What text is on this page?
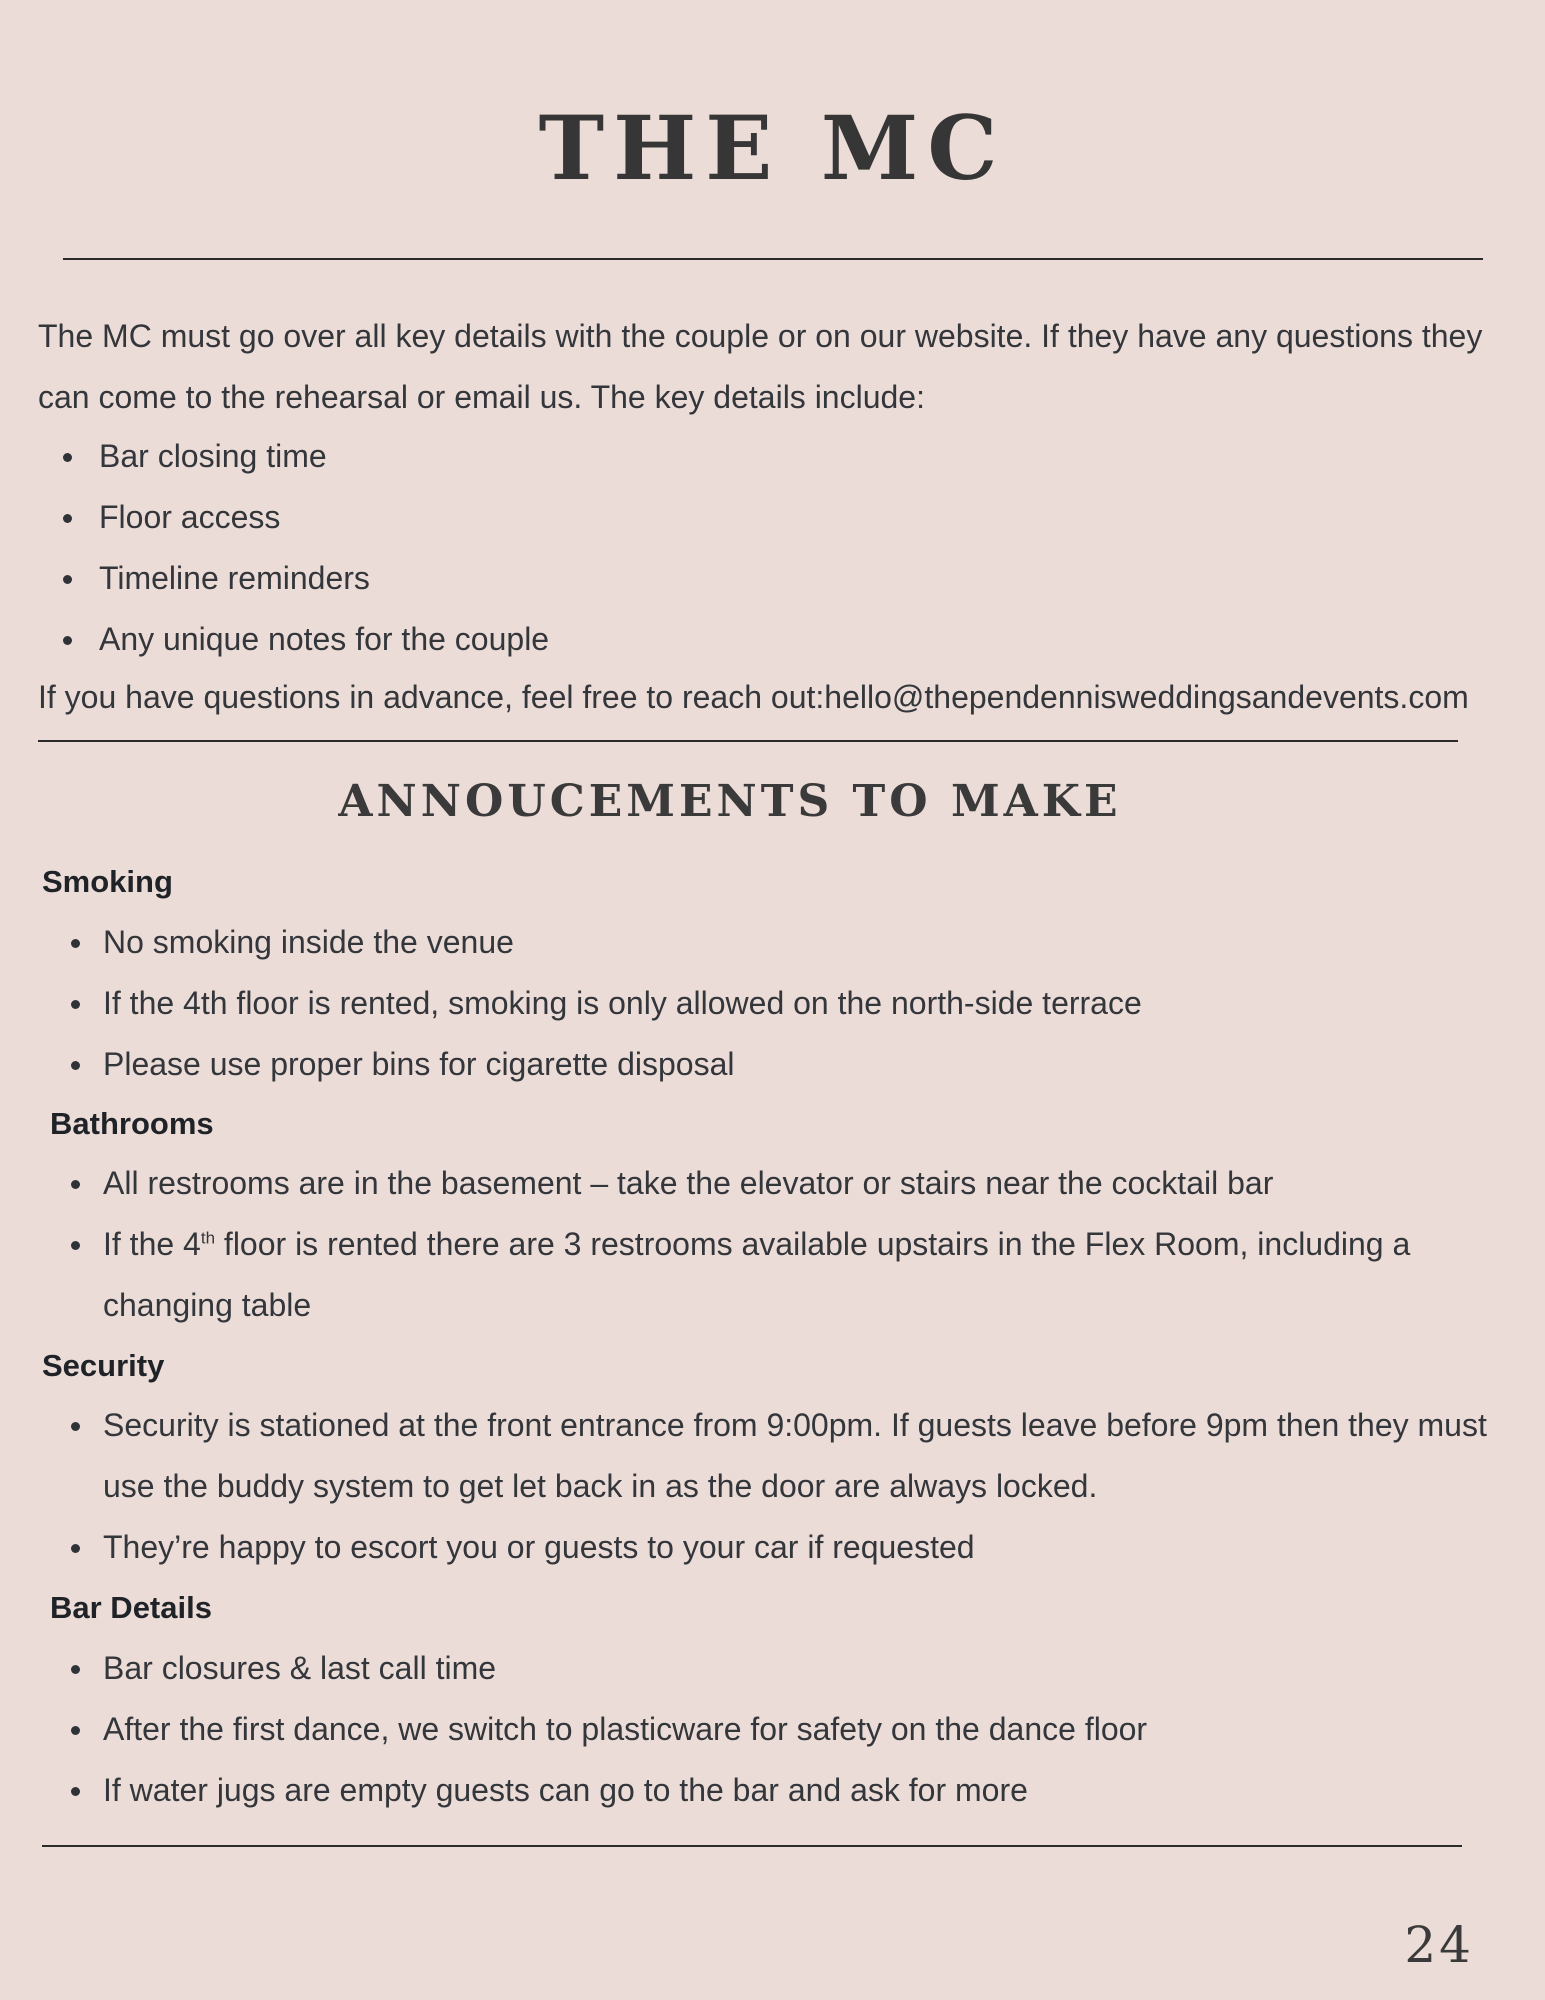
THE MC

The MC must go over all key details with the couple or on our website. If they have any questions they can come to the rehearsal or email us. The key details include:

Bar closing time
Floor access
Timeline reminders
Any unique notes for the couple

If you have questions in advance, feel free to reach out:hello@thependennisweddingsandevents.com

ANNOUCEMENTS TO MAKE
Smoking
No smoking inside the venue
If the 4th floor is rented, smoking is only allowed on the north-side terrace
Please use proper bins for cigarette disposal
Bathrooms
All restrooms are in the basement – take the elevator or stairs near the cocktail bar
If the 4th floor is rented there are 3 restrooms available upstairs in the Flex Room, including a changing table
Security
Security is stationed at the front entrance from 9:00pm. If guests leave before 9pm then they must use the buddy system to get let back in as the door are always locked.
They’re happy to escort you or guests to your car if requested
Bar Details
Bar closures & last call time
After the first dance, we switch to plasticware for safety on the dance floor
If water jugs are empty guests can go to the bar and ask for more

24
